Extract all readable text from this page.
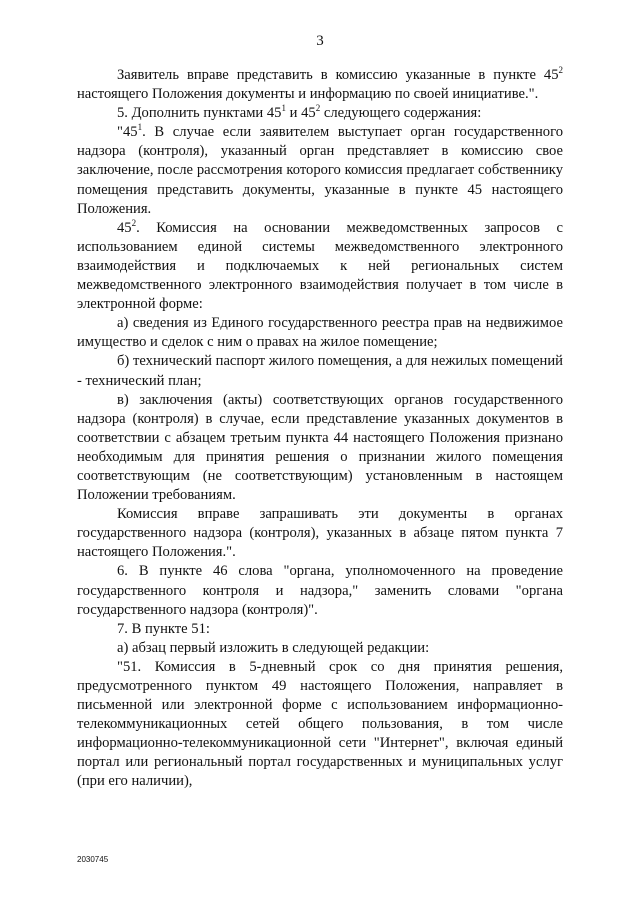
3

Заявитель вправе представить в комиссию указанные в пункте $45^2$ настоящего Положения документы и информацию по своей инициативе.".

5. Дополнить пунктами $45^1$ и $45^2$ следующего содержания:

"$45^1$. В случае если заявителем выступает орган государственного надзора (контроля), указанный орган представляет в комиссию свое заключение, после рассмотрения которого комиссия предлагает собственнику помещения представить документы, указанные в пункте 45 настоящего Положения.

$45^2$. Комиссия на основании межведомственных запросов с использованием единой системы межведомственного электронного взаимодействия и подключаемых к ней региональных систем межведомственного электронного взаимодействия получает в том числе в электронной форме:

а) сведения из Единого государственного реестра прав на недвижимое имущество и сделок с ним о правах на жилое помещение;

б) технический паспорт жилого помещения, а для нежилых помещений - технический план;

в) заключения (акты) соответствующих органов государственного надзора (контроля) в случае, если представление указанных документов в соответствии с абзацем третьим пункта 44 настоящего Положения признано необходимым для принятия решения о признании жилого помещения соответствующим (не соответствующим) установленным в настоящем Положении требованиям.

Комиссия вправе запрашивать эти документы в органах государственного надзора (контроля), указанных в абзаце пятом пункта 7 настоящего Положения.".

6. В пункте 46 слова "органа, уполномоченного на проведение государственного контроля и надзора," заменить словами "органа государственного надзора (контроля)".

7. В пункте 51:

а) абзац первый изложить в следующей редакции:

"51. Комиссия в 5-дневный срок со дня принятия решения, предусмотренного пунктом 49 настоящего Положения, направляет в письменной или электронной форме с использованием информационно-телекоммуникационных сетей общего пользования, в том числе информационно-телекоммуникационной сети "Интернет", включая единый портал или региональный портал государственных и муниципальных услуг (при его наличии),

2030745
